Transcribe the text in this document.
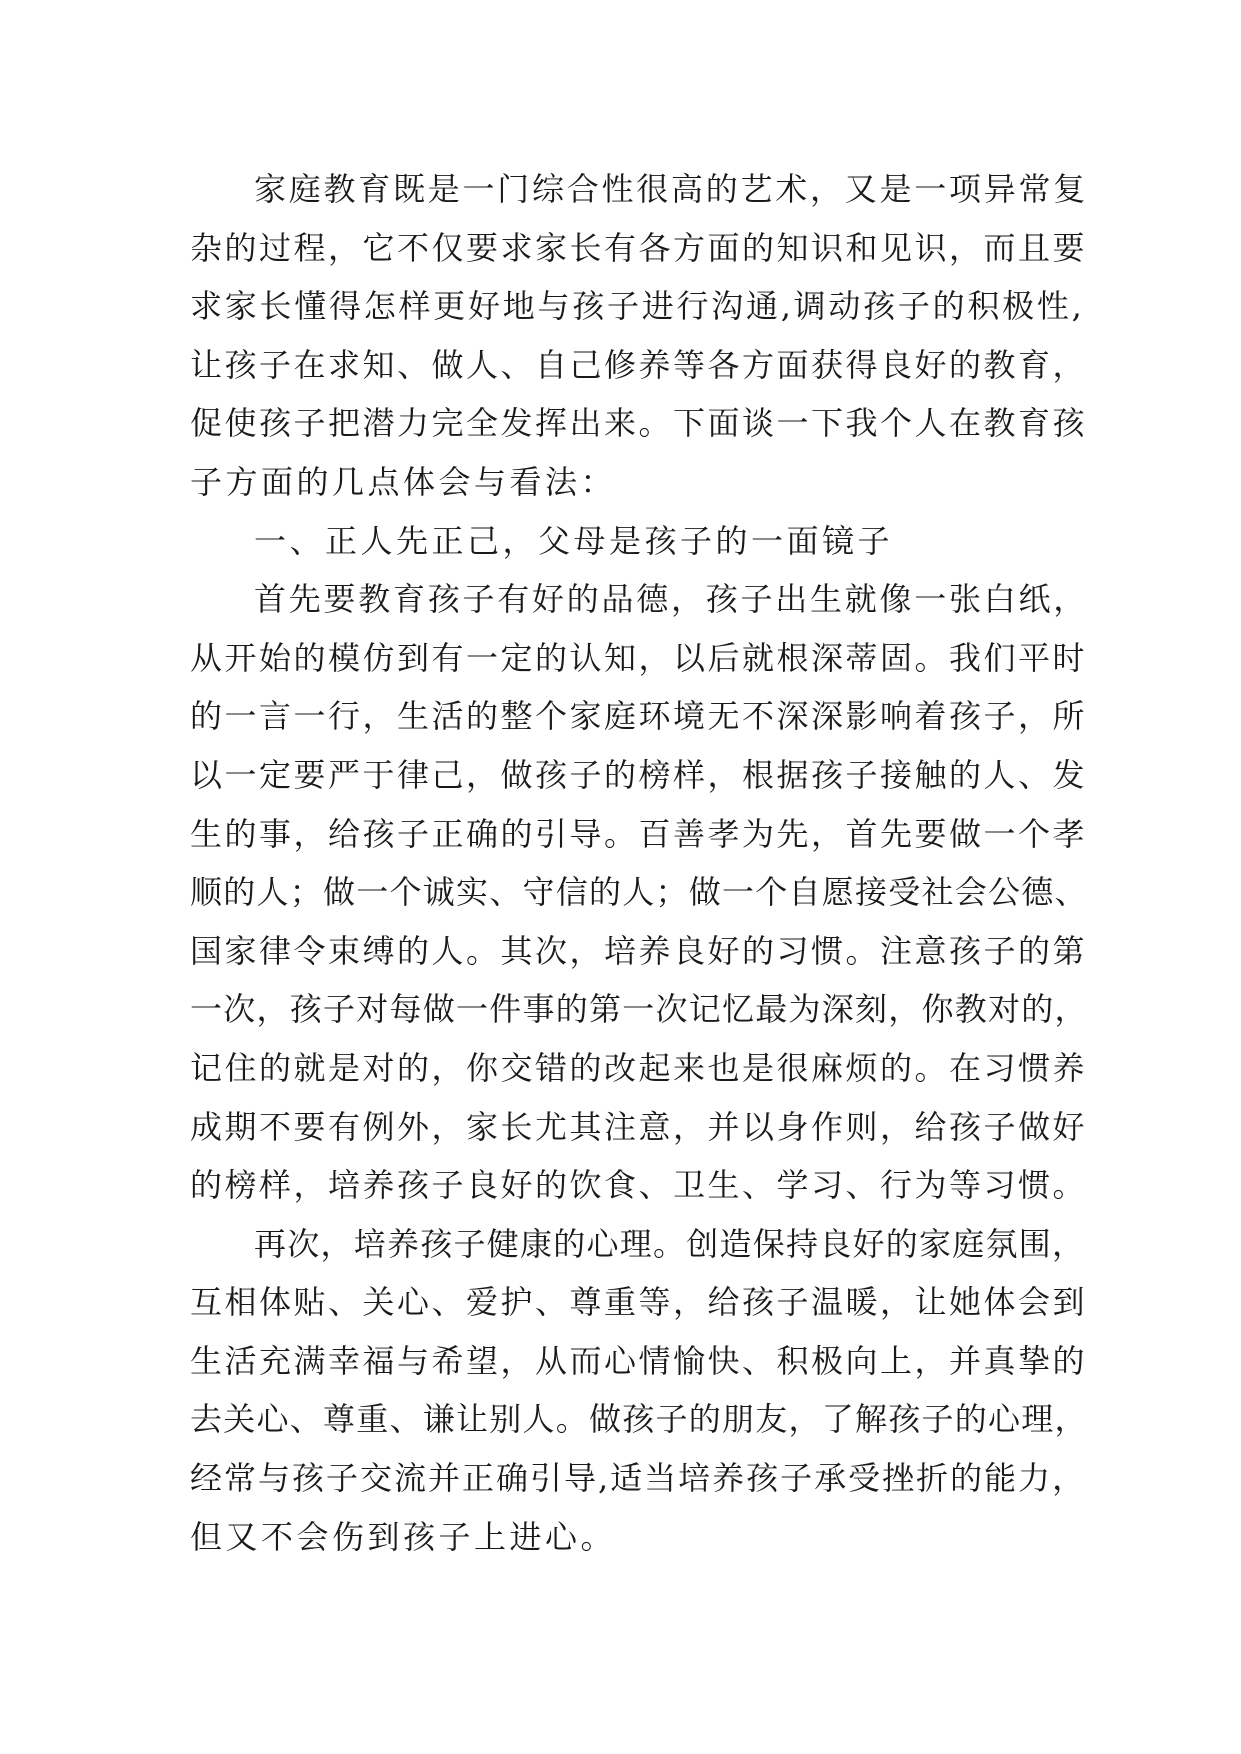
家庭教育既是一门综合性很高的艺术，又是一项异常复
杂的过程，它不仅要求家长有各方面的知识和见识，而且要
求家长懂得怎样更好地与孩子进行沟通,调动孩子的积极性,
让孩子在求知、做人、自己修养等各方面获得良好的教育，
促使孩子把潜力完全发挥出来。下面谈一下我个人在教育孩
子方面的几点体会与看法：
一、正人先正己，父母是孩子的一面镜子
首先要教育孩子有好的品德，孩子出生就像一张白纸，
从开始的模仿到有一定的认知，以后就根深蒂固。我们平时
的一言一行，生活的整个家庭环境无不深深影响着孩子，所
以一定要严于律己，做孩子的榜样，根据孩子接触的人、发
生的事，给孩子正确的引导。百善孝为先，首先要做一个孝
顺的人；做一个诚实、守信的人；做一个自愿接受社会公德、
国家律令束缚的人。其次，培养良好的习惯。注意孩子的第
一次，孩子对每做一件事的第一次记忆最为深刻，你教对的，
记住的就是对的，你交错的改起来也是很麻烦的。在习惯养
成期不要有例外，家长尤其注意，并以身作则，给孩子做好
的榜样，培养孩子良好的饮食、卫生、学习、行为等习惯。
再次，培养孩子健康的心理。创造保持良好的家庭氛围，
互相体贴、关心、爱护、尊重等，给孩子温暖，让她体会到
生活充满幸福与希望，从而心情愉快、积极向上，并真挚的
去关心、尊重、谦让别人。做孩子的朋友，了解孩子的心理，
经常与孩子交流并正确引导,适当培养孩子承受挫折的能力，
但又不会伤到孩子上进心。
